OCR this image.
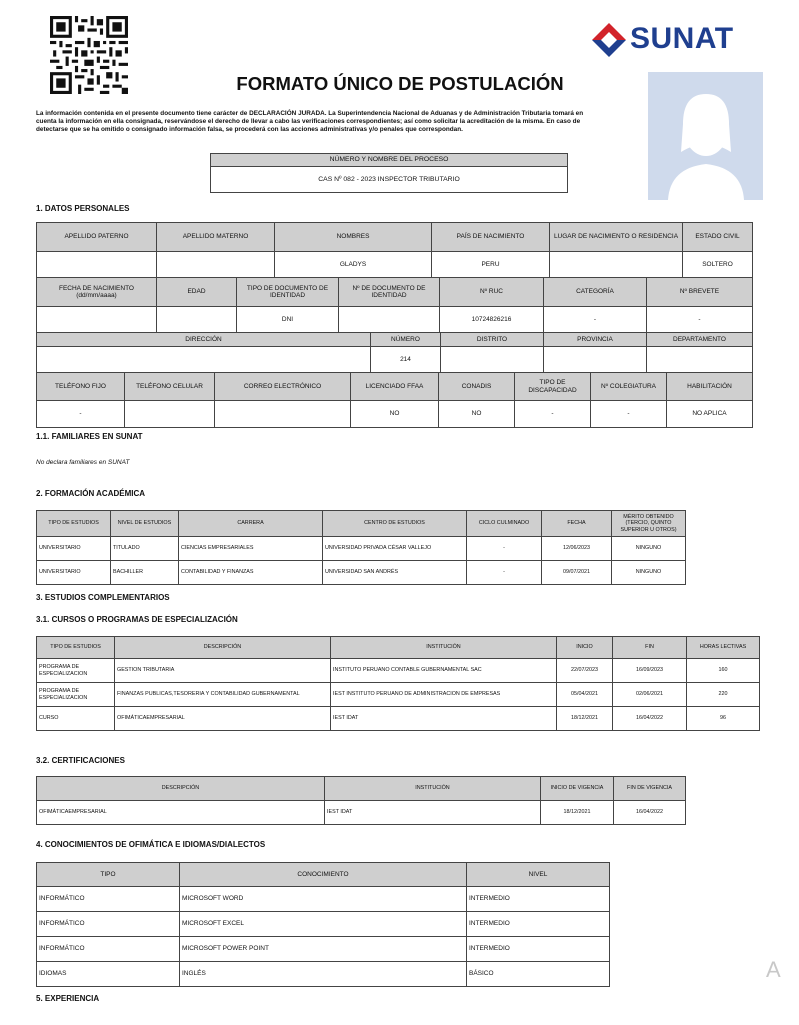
SUNAT
FORMATO ÚNICO DE POSTULACIÓN
La información contenida en el presente documento tiene carácter de DECLARACIÓN JURADA. La Superintendencia Nacional de Aduanas y de Administración Tributaria tomará en cuenta la información en ella consignada, reservándose el derecho de llevar a cabo las verificaciones correspondientes; así como solicitar la acreditación de la misma. En caso de detectarse que se ha omitido o consignado información falsa, se procederá con las acciones administrativas y/o penales que correspondan.
NÚMERO Y NOMBRE DEL PROCESO
CAS Nº 082 - 2023 INSPECTOR TRIBUTARIO
1. DATOS PERSONALES
APELLIDO PATERNO	APELLIDO MATERNO	NOMBRES	PAÍS DE NACIMIENTO	LUGAR DE NACIMIENTO O RESIDENCIA	ESTADO CIVIL
		GLADYS	PERU		SOLTERO
FECHA DE NACIMIENTO (dd/mm/aaaa)	EDAD	TIPO DE DOCUMENTO DE IDENTIDAD	Nº DE DOCUMENTO DE IDENTIDAD	Nº RUC	CATEGORÍA	Nº BREVETE
		DNI		10724826216	-	-
DIRECCIÓN	NÚMERO	DISTRITO	PROVINCIA	DEPARTAMENTO
	214			
TELÉFONO FIJO	TELÉFONO CELULAR	CORREO ELECTRÓNICO	LICENCIADO FFAA	CONADIS	TIPO DE DISCAPACIDAD	Nº COLEGIATURA	HABILITACIÓN
-			NO	NO	-	-	NO APLICA
1.1. FAMILIARES EN SUNAT
No declara familiares en SUNAT
2. FORMACIÓN ACADÉMICA
TIPO DE ESTUDIOS	NIVEL DE ESTUDIOS	CARRERA	CENTRO DE ESTUDIOS	CICLO CULMINADO	FECHA	MÉRITO OBTENIDO (TERCIO, QUINTO SUPERIOR U OTROS)
UNIVERSITARIO	TITULADO	CIENCIAS EMPRESARIALES	UNIVERSIDAD PRIVADA CÉSAR VALLEJO	-	12/06/2023	NINGUNO
UNIVERSITARIO	BACHILLER	CONTABILIDAD Y FINANZAS	UNIVERSIDAD SAN ANDRÉS	-	09/07/2021	NINGUNO
3. ESTUDIOS COMPLEMENTARIOS
3.1. CURSOS O PROGRAMAS DE ESPECIALIZACIÓN
TIPO DE ESTUDIOS	DESCRIPCIÓN	INSTITUCIÓN	INICIO	FIN	HORAS LECTIVAS
PROGRAMA DE ESPECIALIZACION	GESTION TRIBUTARIA	INSTITUTO PERUANO CONTABLE GUBERNAMENTAL SAC	22/07/2023	16/09/2023	160
PROGRAMA DE ESPECIALIZACION	FINANZAS PUBLICAS,TESORERIA Y CONTABILIDAD GUBERNAMENTAL	IEST INSTITUTO PERUANO DE ADMINISTRACION DE EMPRESAS	05/04/2021	02/06/2021	220
CURSO	OFIMÁTICAEMPRESARIAL	IEST IDAT	18/12/2021	16/04/2022	96
3.2. CERTIFICACIONES
DESCRIPCIÓN	INSTITUCIÓN	INICIO DE VIGENCIA	FIN DE VIGENCIA
OFIMÁTICAEMPRESARIAL	IEST IDAT	18/12/2021	16/04/2022
4. CONOCIMIENTOS DE OFIMÁTICA E IDIOMAS/DIALECTOS
TIPO	CONOCIMIENTO	NIVEL
INFORMÁTICO	MICROSOFT WORD	INTERMEDIO
INFORMÁTICO	MICROSOFT EXCEL	INTERMEDIO
INFORMÁTICO	MICROSOFT POWER POINT	INTERMEDIO
IDIOMAS	INGLÉS	BÁSICO
5. EXPERIENCIA
A
